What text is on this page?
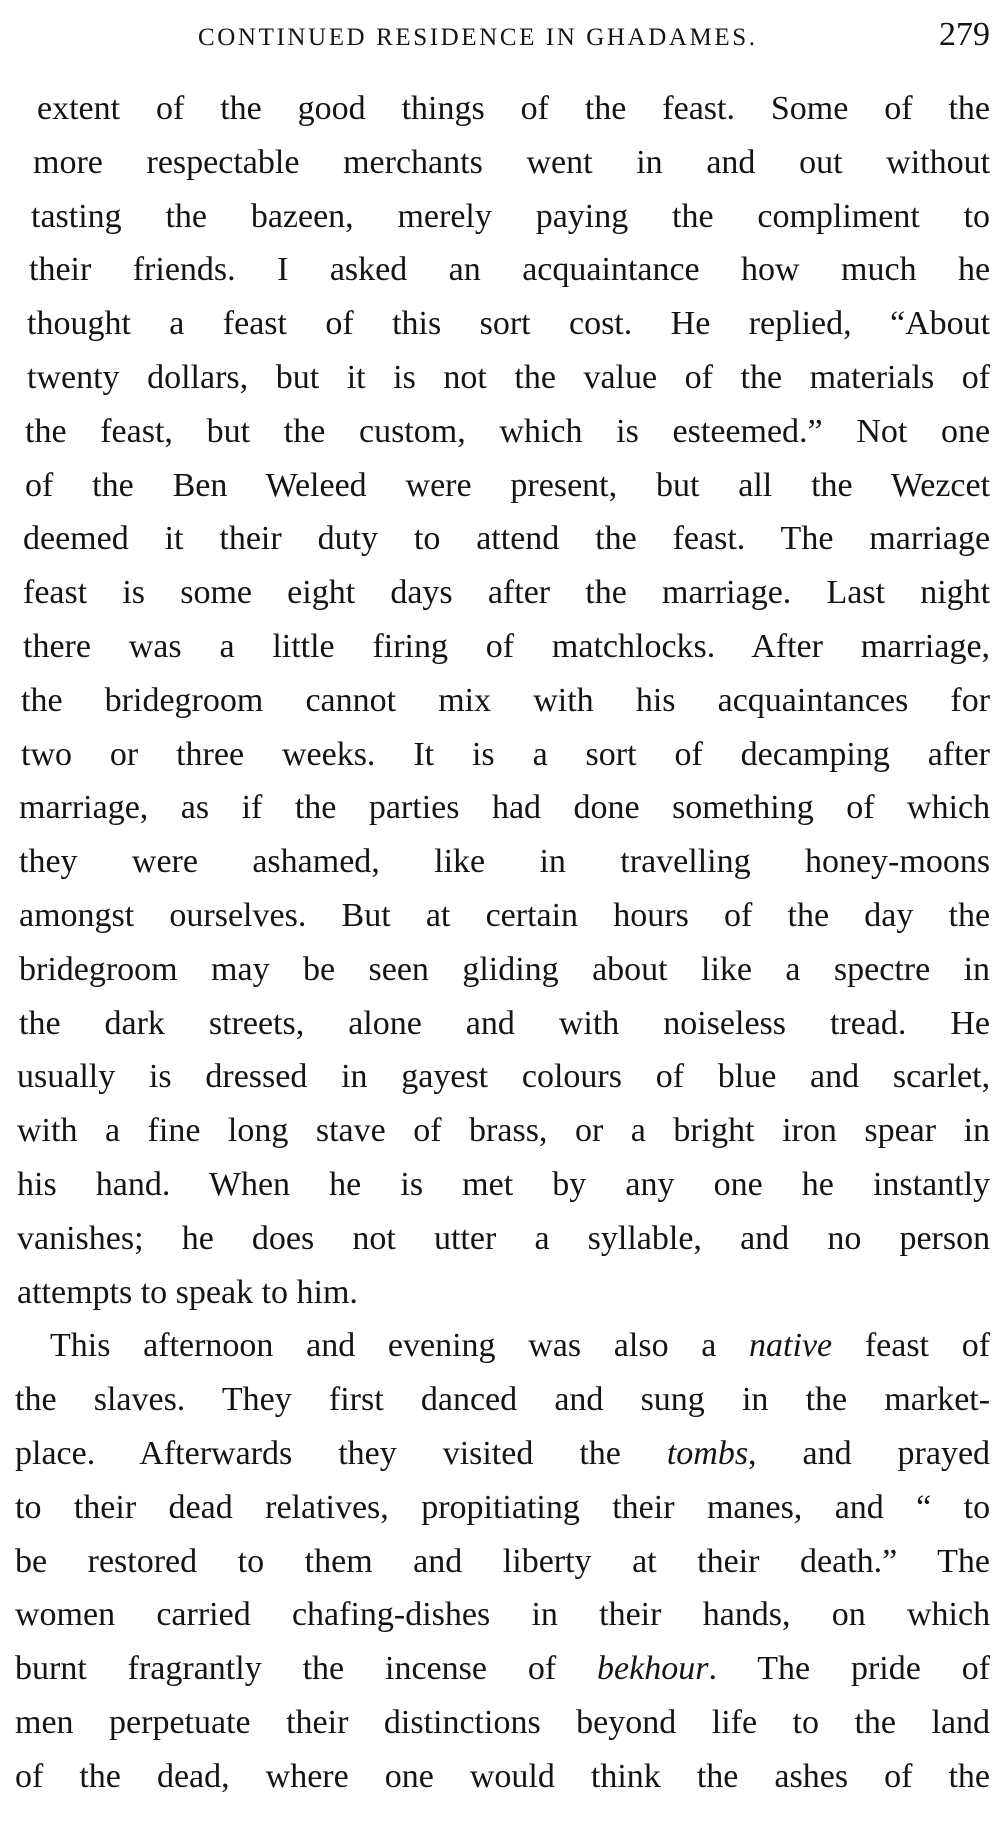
CONTINUED RESIDENCE IN GHADAMES.	279
extent of the good things of the feast. Some of the
more respectable merchants went in and out without
tasting the bazeen, merely paying the compliment to
their friends. I asked an acquaintance how much he
thought a feast of this sort cost. He replied, “About
twenty dollars, but it is not the value of the materials of
the feast, but the custom, which is esteemed.” Not one
of the Ben Weleed were present, but all the Wezcet
deemed it their duty to attend the feast. The marriage
feast is some eight days after the marriage. Last night
there was a little firing of matchlocks. After marriage,
the bridegroom cannot mix with his acquaintances for
two or three weeks. It is a sort of decamping after
marriage, as if the parties had done something of which
they were ashamed, like in travelling honey-moons
amongst ourselves. But at certain hours of the day the
bridegroom may be seen gliding about like a spectre in
the dark streets, alone and with noiseless tread. He
usually is dressed in gayest colours of blue and scarlet,
with a fine long stave of brass, or a bright iron spear in
his hand. When he is met by any one he instantly
vanishes; he does not utter a syllable, and no person
attempts to speak to him.
This afternoon and evening was also a native feast of
the slaves. They first danced and sung in the market-
place. Afterwards they visited the tombs, and prayed
to their dead relatives, propitiating their manes, and “ to
be restored to them and liberty at their death.” The
women carried chafing-dishes in their hands, on which
burnt fragrantly the incense of bekhour. The pride of
men perpetuate their distinctions beyond life to the land
of the dead, where one would think the ashes of the
